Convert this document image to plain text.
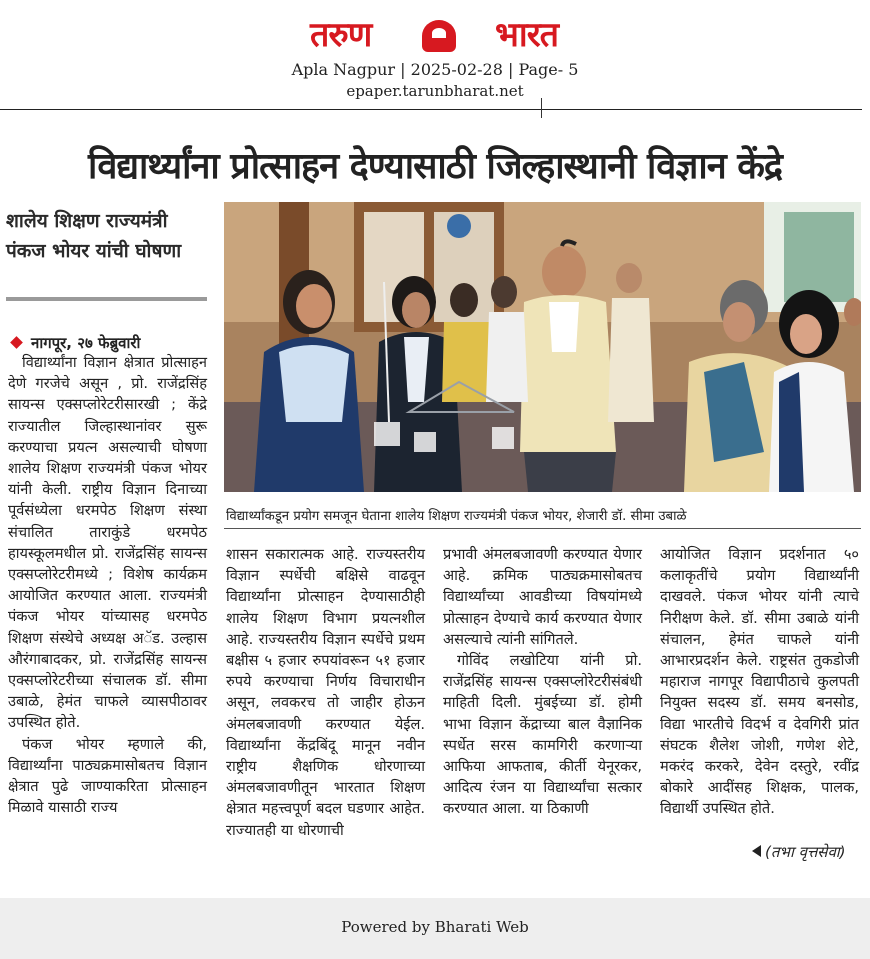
तरुण	भारत
Apla Nagpur | 2025-02-28 | Page- 5
epaper.tarunbharat.net
विद्यार्थ्यांना प्रोत्साहन देण्यासाठी जिल्हास्थानी विज्ञान केंद्रे
शालेय शिक्षण राज्यमंत्री पंकज भोयर यांची घोषणा
विद्यार्थ्यांकडून प्रयोग समजून घेताना शालेय शिक्षण राज्यमंत्री पंकज भोयर, शेजारी डॉ. सीमा उबाळे
नागपूर, २७ फेब्रुवारी

विद्यार्थ्यांना विज्ञान क्षेत्रात प्रोत्साहन देणे गरजेचे असून , प्रो. राजेंद्रसिंह सायन्स एक्सप्लोरेटरीसारखी ; केंद्रे राज्यातील जिल्हास्थानांवर सुरू करण्याचा प्रयत्न असल्याची घोषणा शालेय शिक्षण राज्यमंत्री पंकज भोयर यांनी केली. राष्ट्रीय विज्ञान दिनाच्या पूर्वसंध्येला धरमपेठ शिक्षण संस्था संचालित ताराकुंडे धरमपेठ हायस्कूलमधील प्रो. राजेंद्रसिंह सायन्स एक्सप्लोरेटरीमध्ये ; विशेष कार्यक्रम आयोजित करण्यात आला. राज्यमंत्री पंकज भोयर यांच्यासह धरमपेठ शिक्षण संस्थेचे अध्यक्ष अॅड. उल्हास औरंगाबादकर, प्रो. राजेंद्रसिंह सायन्स एक्सप्लोरेटरीच्या संचालक डॉ. सीमा उबाळे, हेमंत चाफले व्यासपीठावर उपस्थित होते.

पंकज भोयर म्हणाले की, विद्यार्थ्यांना पाठ्यक्रमासोबतच विज्ञान क्षेत्रात पुढे जाण्याकरिता प्रोत्साहन मिळावे यासाठी राज्य

शासन सकारात्मक आहे. राज्यस्तरीय विज्ञान स्पर्धेची बक्षिसे वाढवून विद्यार्थ्यांना प्रोत्साहन देण्यासाठीही शालेय शिक्षण विभाग प्रयत्नशील आहे. राज्यस्तरीय विज्ञान स्पर्धेचे प्रथम बक्षीस ५ हजार रुपयांवरून ५१ हजार रुपये करण्याचा निर्णय विचाराधीन असून, लवकरच तो जाहीर होऊन अंमलबजावणी करण्यात येईल. विद्यार्थ्यांना केंद्रबिंदू मानून नवीन राष्ट्रीय शैक्षणिक धोरणाच्या अंमलबजावणीतून भारतात शिक्षण क्षेत्रात महत्त्वपूर्ण बदल घडणार आहेत. राज्यातही या धोरणाची

प्रभावी अंमलबजावणी करण्यात येणार आहे. क्रमिक पाठ्यक्रमासोबतच विद्यार्थ्यांच्या आवडीच्या विषयांमध्ये प्रोत्साहन देण्याचे कार्य करण्यात येणार असल्याचे त्यांनी सांगितले.

गोविंद लखोटिया यांनी प्रो. राजेंद्रसिंह सायन्स एक्सप्लोरेटरीसंबंधी माहिती दिली. मुंबईच्या डॉ. होमी भाभा विज्ञान केंद्राच्या बाल वैज्ञानिक स्पर्धेत सरस कामगिरी करणाऱ्या आफिया आफताब, कीर्ती येनूरकर, आदित्य रंजन या विद्यार्थ्यांचा सत्कार करण्यात आला. या ठिकाणी

आयोजित विज्ञान प्रदर्शनात ५० कलाकृतींचे प्रयोग विद्यार्थ्यांनी दाखवले. पंकज भोयर यांनी त्याचे निरीक्षण केले. डॉ. सीमा उबाळे यांनी संचालन, हेमंत चाफले यांनी आभारप्रदर्शन केले. राष्ट्रसंत तुकडोजी महाराज नागपूर विद्यापीठाचे कुलपती नियुक्त सदस्य डॉ. समय बनसोड, विद्या भारतीचे विदर्भ व देवगिरी प्रांत संघटक शैलेश जोशी, गणेश शेटे, मकरंद करकरे, देवेन दस्तुरे, रवींद्र बोकारे आदींसह शिक्षक, पालक, विद्यार्थी उपस्थित होते.

(तभा वृत्तसेवा)
Powered by Bharati Web
